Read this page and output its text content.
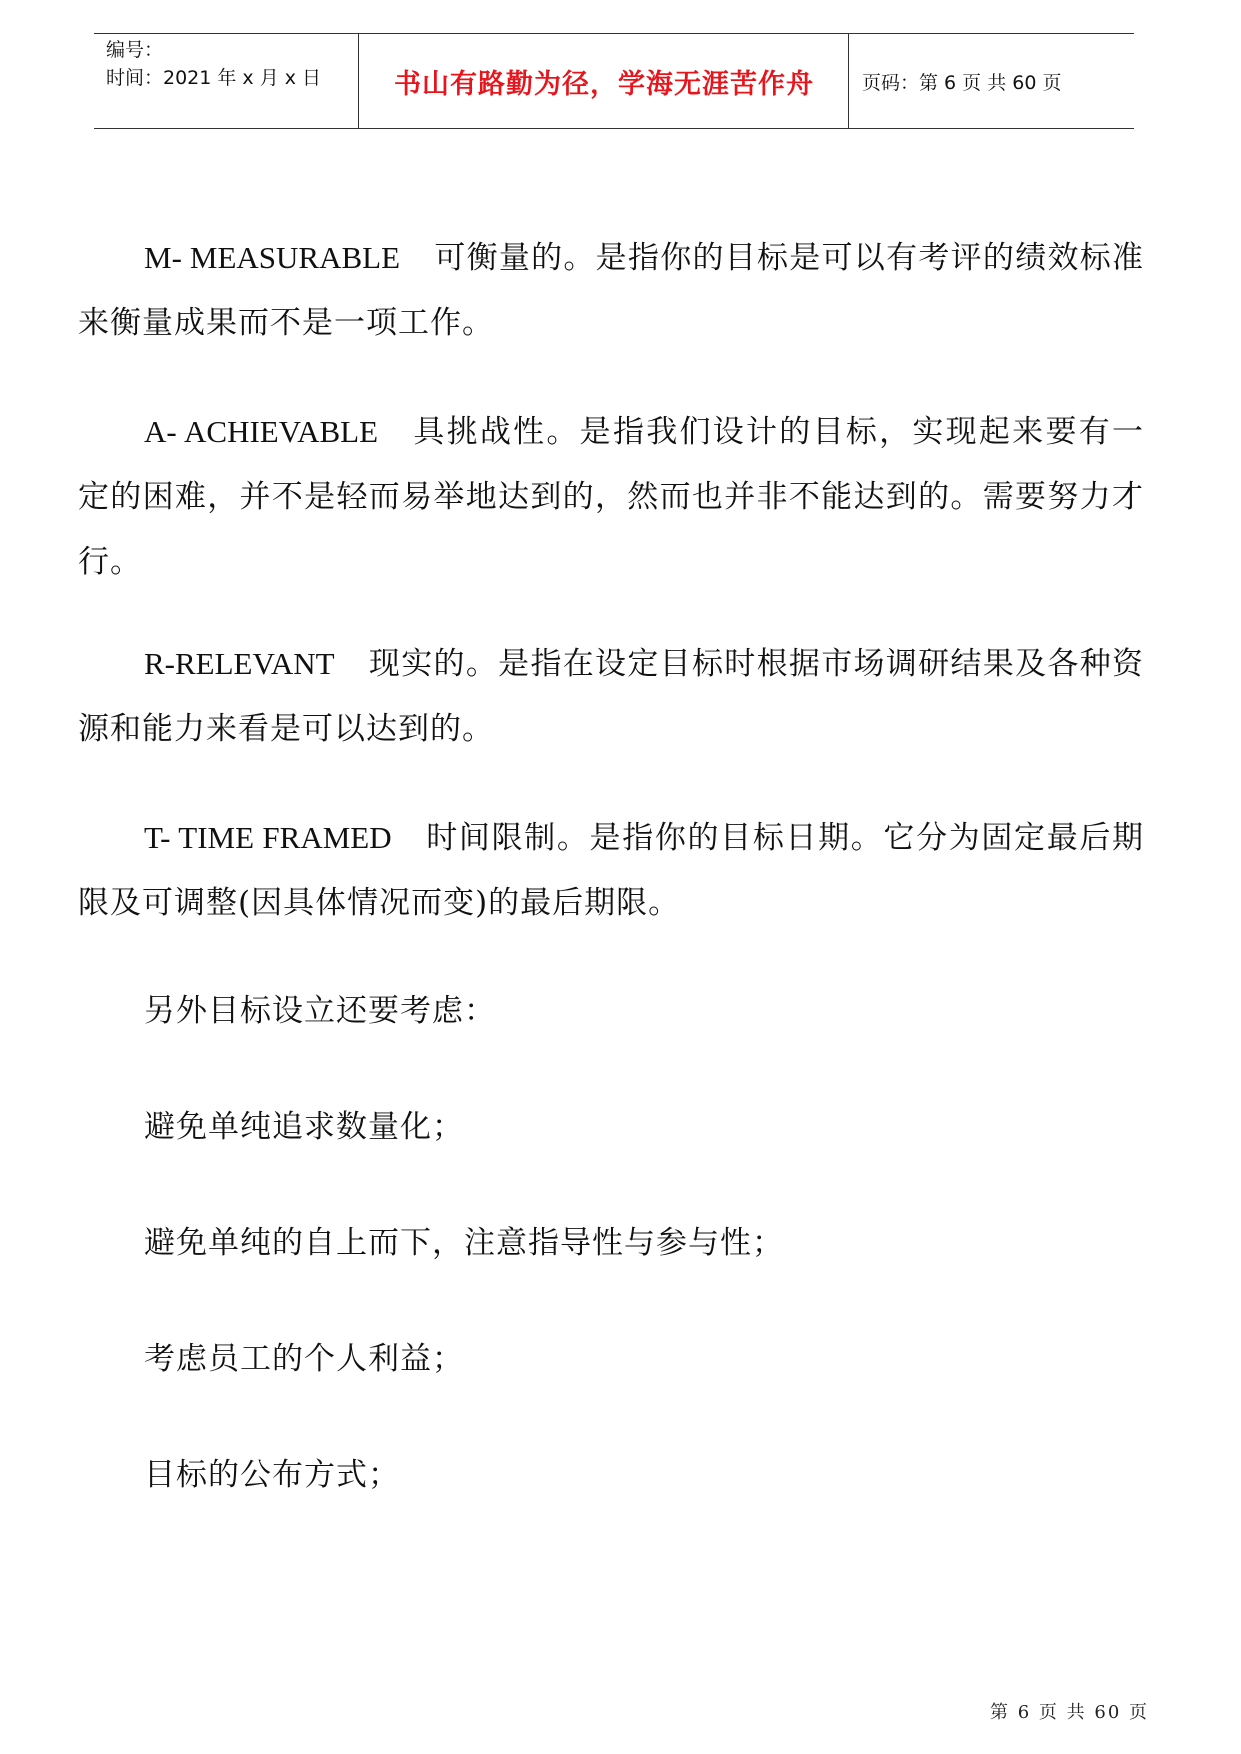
编号：
时间：2021 年 x 月 x 日	书山有路勤为径，学海无涯苦作舟	页码：第 6 页 共 60 页

M- MEASURABLE 可衡量的。是指你的目标是可以有考评的绩效标准来衡量成果而不是一项工作。

A- ACHIEVABLE 具挑战性。是指我们设计的目标，实现起来要有一定的困难，并不是轻而易举地达到的，然而也并非不能达到的。需要努力才行。

R-RELEVANT 现实的。是指在设定目标时根据市场调研结果及各种资源和能力来看是可以达到的。

T- TIME FRAMED 时间限制。是指你的目标日期。它分为固定最后期限及可调整(因具体情况而变)的最后期限。

另外目标设立还要考虑：

避免单纯追求数量化；

避免单纯的自上而下，注意指导性与参与性；

考虑员工的个人利益；

目标的公布方式；

第 6 页 共 60 页
